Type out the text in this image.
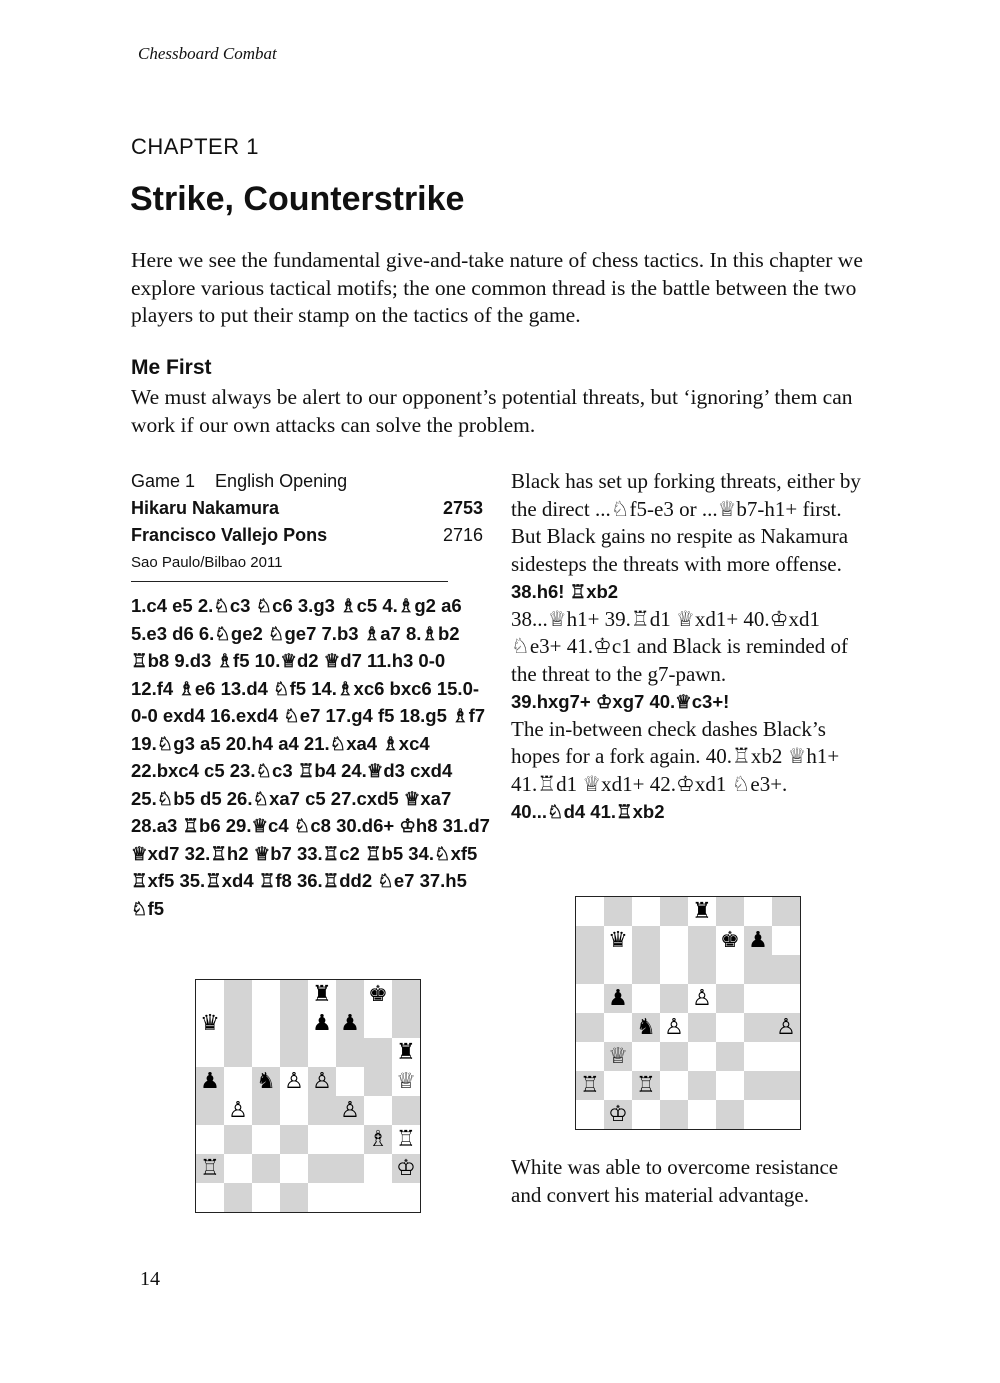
Chessboard Combat
CHAPTER 1
Strike, Counterstrike
Here we see the fundamental give-and-take nature of chess tactics. In this chapter we explore various tactical motifs; the one common thread is the battle between the two players to put their stamp on the tactics of the game.
Me First
We must always be alert to our opponent’s potential threats, but ‘ignoring’ them can work if our own attacks can solve the problem.
Game 1 English Opening
Hikaru Nakamura	2753
Francisco Vallejo Pons	2716
Sao Paulo/Bilbao 2011

1.c4 e5 2.♘c3 ♘c6 3.g3 ♗c5 4.♗g2 a6 5.e3 d6 6.♘ge2 ♘ge7 7.b3 ♗a7 8.♗b2 ♖b8 9.d3 ♗f5 10.♕d2 ♕d7 11.h3 0-0 12.f4 ♗e6 13.d4 ♘f5 14.♗xc6 bxc6 15.0-0-0 exd4 16.exd4 ♘e7 17.g4 f5 18.g5 ♗f7 19.♘g3 a5 20.h4 a4 21.♘xa4 ♗xc4 22.bxc4 c5 23.♘c3 ♖b4 24.♕d3 cxd4 25.♘b5 d5 26.♘xa7 c5 27.cxd5 ♕xa7 28.a3 ♖b6 29.♕c4 ♘c8 30.d6+ ♔h8 31.d7 ♕xd7 32.♖h2 ♕b7 33.♖c2 ♖b5 34.♘xf5 ♖xf5 35.♖xd4 ♖f8 36.♖dd2 ♘e7 37.h5 ♘f5

♜ ♚
♛	♟ ♟
♜
♟ ♞ ♙ ♙	♕
♙	♙
♗ ♖
♖	♔

Black has set up forking threats, either by the direct ...♘f5-e3 or ...♕b7-h1+ first. But Black gains no respite as Nakamura sidesteps the threats with more offense.

38.h6! ♖xb2

38...♕h1+ 39.♖d1 ♕xd1+ 40.♔xd1 ♘e3+ 41.♔c1 and Black is reminded of the threat to the g7-pawn.

39.hxg7+ ♔xg7 40.♕c3+!

The in-between check dashes Black’s hopes for a fork again. 40.♖xb2 ♕h1+ 41.♖d1 ♕xd1+ 42.♔xd1 ♘e3+.

40...♘d4 41.♖xb2

♜
♛	♚ ♟
♟	♙
♞ ♙	♙
♕
♖ ♖
♔

White was able to overcome resistance and convert his material advantage.

14
